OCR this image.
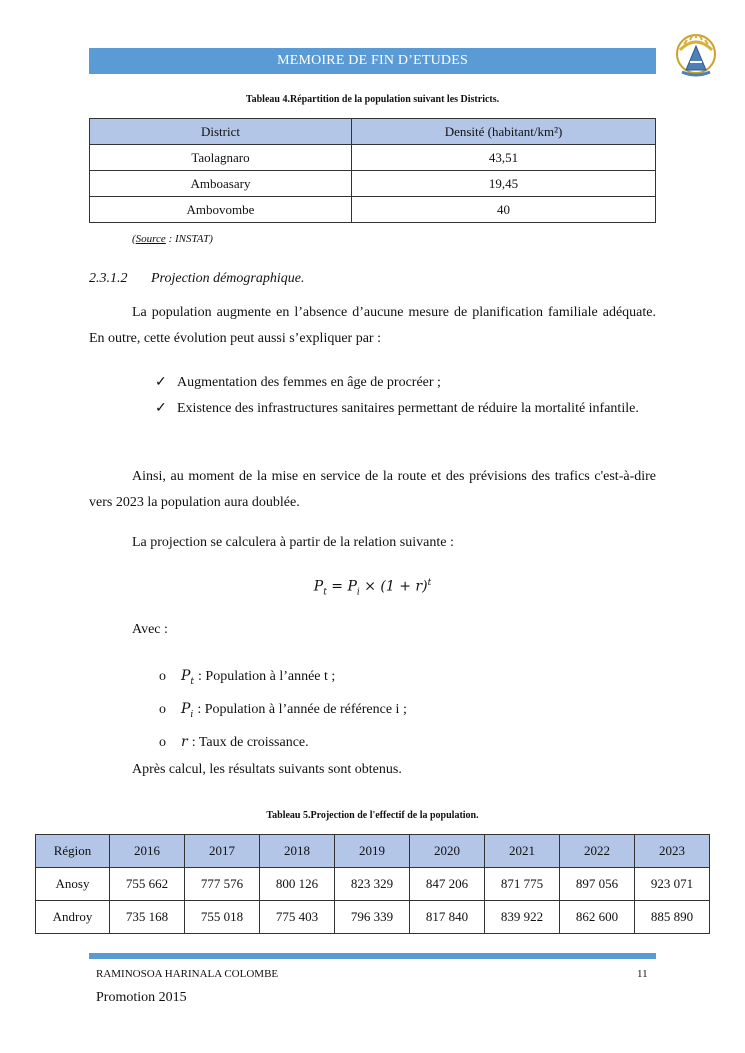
MEMOIRE DE FIN D’ETUDES
Tableau 4.Répartition de la population suivant les Districts.
District	Densité (habitant/km²)
Taolagnaro	43,51
Amboasary	19,45
Ambovombe	40
(Source : INSTAT)
2.3.1.2 Projection démographique.
La population augmente en l’absence d’aucune mesure de planification familiale adéquate. En outre, cette évolution peut aussi s’expliquer par :
✓ Augmentation des femmes en âge de procréer ;
✓ Existence des infrastructures sanitaires permettant de réduire la mortalité infantile.
Ainsi, au moment de la mise en service de la route et des prévisions des trafics c'est-à-dire vers 2023 la population aura doublée.
La projection se calculera à partir de la relation suivante :
$P_t = P_i \times (1 + r)^t$
Avec :
o	$P_t$ : Population à l’année t ;
o	$P_i$ : Population à l’année de référence i ;
o	r : Taux de croissance.
Après calcul, les résultats suivants sont obtenus.
Tableau 5.Projection de l'effectif de la population.
Région	2016	2017	2018	2019	2020	2021	2022	2023
Anosy	755 662	777 576	800 126	823 329	847 206	871 775	897 056	923 071
Androy	735 168	755 018	775 403	796 339	817 840	839 922	862 600	885 890
RAMINOSOA HARINALA COLOMBE	11
Promotion 2015
